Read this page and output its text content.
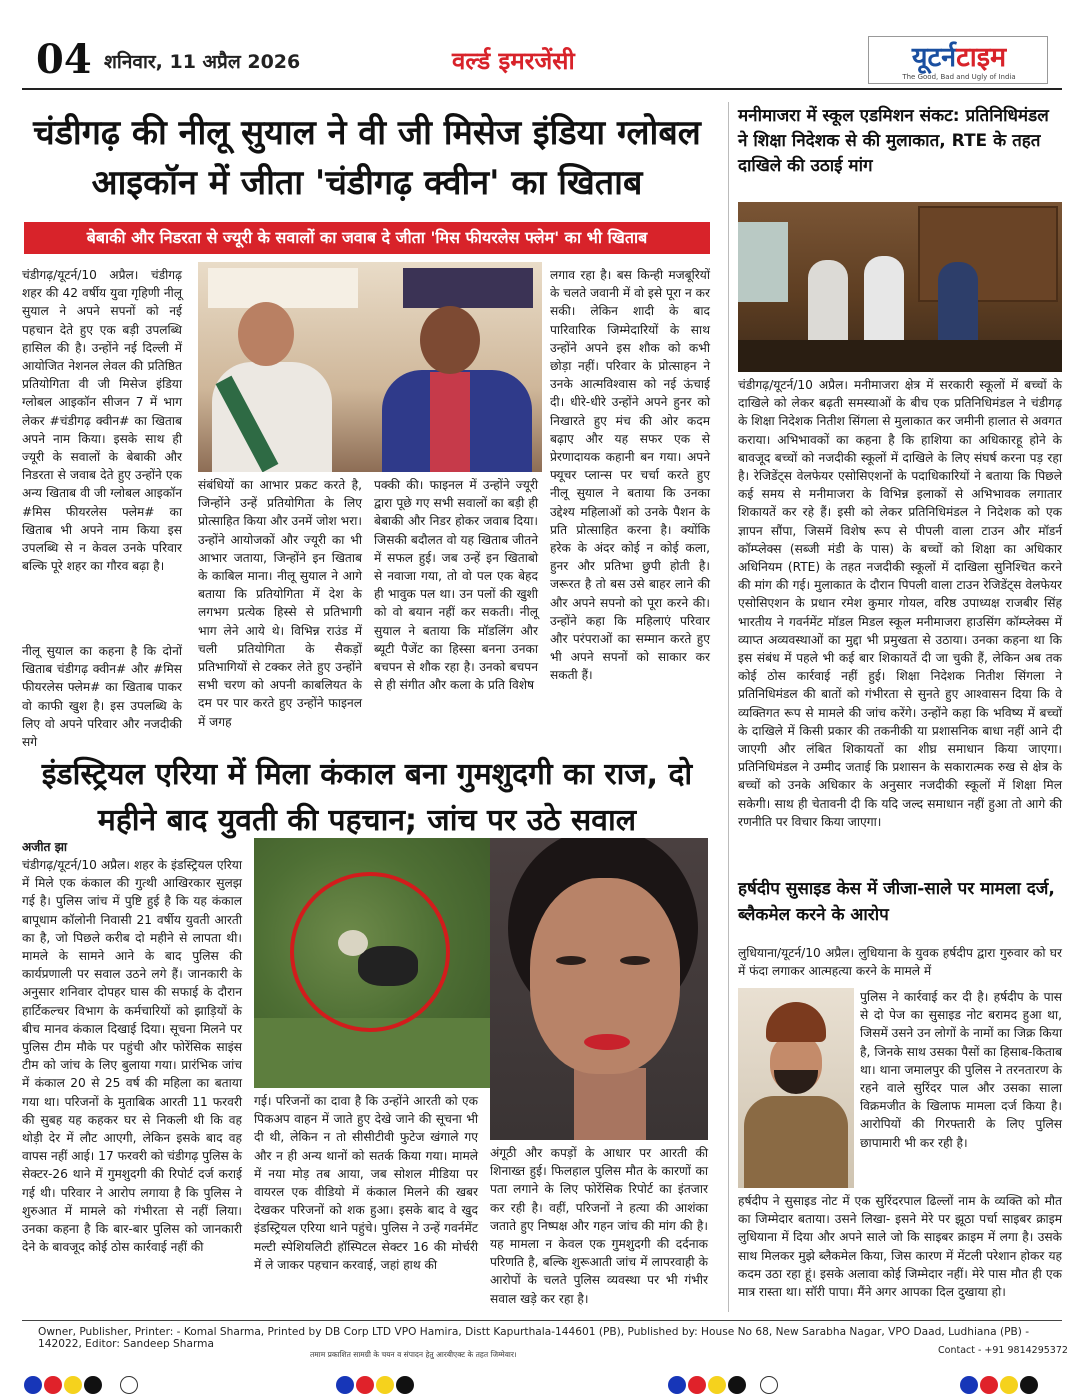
04 शनिवार, 11 अप्रैल 2026	वर्ल्ड इमरजेंसी	यूटर्नटाइम
The Good, Bad and Ugly of India
चंडीगढ़ की नीलू सुयाल ने वी जी मिसेज इंडिया ग्लोबल आइकॉन में जीता 'चंडीगढ़ क्वीन' का खिताब
बेबाकी और निडरता से ज्यूरी के सवालों का जवाब दे जीता 'मिस फीयरलेस फ्लेम' का भी खिताब
चंडीगढ़/यूटर्न/10 अप्रैल। चंडीगढ़ शहर की 42 वर्षीय युवा गृहिणी नीलू सुयाल ने अपने सपनों को नई पहचान देते हुए एक बड़ी उपलब्धि हासिल की है। उन्होंने नई दिल्ली में आयोजित नेशनल लेवल की प्रतिष्ठित प्रतियोगिता वी जी मिसेज इंडिया ग्लोबल आइकॉन सीजन 7 में भाग लेकर #चंडीगढ़ क्वीन# का खिताब अपने नाम किया। इसके साथ ही ज्यूरी के सवालों के बेबाकी और निडरता से जवाब देते हुए उन्होंने एक अन्य खिताब वी जी ग्लोबल आइकॉन #मिस फीयरलेस फ्लेम# का खिताब भी अपने नाम किया इस उपलब्धि से न केवल उनके परिवार बल्कि पूरे शहर का गौरव बढ़ा है।
नीलू सुयाल का कहना है कि दोनों खिताब चंडीगढ़ क्वीन# और #मिस फीयरलेस फ्लेम# का खिताब पाकर वो काफी खुश है। इस उपलब्धि के लिए वो अपने परिवार और नजदीकी सगे
संबंधियों का आभार प्रकट करते है, जिन्होंने उन्हें प्रतियोगिता के लिए प्रोत्साहित किया और उनमें जोश भरा। उन्होंने आयोजकों और ज्यूरी का भी आभार जताया, जिन्होंने इन खिताब के काबिल माना। नीलू सुयाल ने आगे बताया कि प्रतियोगिता में देश के लगभग प्रत्येक हिस्से से प्रतिभागी भाग लेने आये थे। विभिन्न राउंड में चली प्रतियोगिता के सैकड़ों प्रतिभागियों से टक्कर लेते हुए उन्होंने सभी चरण को अपनी काबलियत के दम पर पार करते हुए उन्होंने फाइनल में जगह
पक्की की। फाइनल में उन्होंने ज्यूरी द्वारा पूछे गए सभी सवालों का बड़ी ही बेबाकी और निडर होकर जवाब दिया। जिसकी बदौलत वो यह खिताब जीतने में सफल हुई। जब उन्हें इन खिताबो से नवाजा गया, तो वो पल एक बेहद ही भावुक पल था। उन पलों की खुशी को वो बयान नहीं कर सकती। नीलू सुयाल ने बताया कि मॉडलिंग और ब्यूटी पैजेंट का हिस्सा बनना उनका बचपन से शौक रहा है। उनको बचपन से ही संगीत और कला के प्रति विशेष
लगाव रहा है। बस किन्ही मजबूरियों के चलते जवानी में वो इसे पूरा न कर सकी। लेकिन शादी के बाद पारिवारिक जिम्मेदारियों के साथ उन्होंने अपने इस शौक को कभी छोड़ा नहीं। परिवार के प्रोत्साहन ने उनके आत्मविश्वास को नई ऊंचाई दी। धीरे-धीरे उन्होंने अपने हुनर को निखारते हुए मंच की ओर कदम बढ़ाए और यह सफर एक से प्रेरणादायक कहानी बन गया। अपने फ्यूचर प्लान्स पर चर्चा करते हुए नीलू सुयाल ने बताया कि उनका उद्देश्य महिलाओं को उनके पैशन के प्रति प्रोत्साहित करना है। क्योंकि हरेक के अंदर कोई न कोई कला, हुनर और प्रतिभा छुपी होती है। जरूरत है तो बस उसे बाहर लाने की और अपने सपनो को पूरा करने की। उन्होंने कहा कि महिलाएं परिवार और परंपराओं का सम्मान करते हुए भी अपने सपनों को साकार कर सकती हैं।
इंडस्ट्रियल एरिया में मिला कंकाल बना गुमशुदगी का राज, दो महीने बाद युवती की पहचान; जांच पर उठे सवाल
अजीत झा
चंडीगढ़/यूटर्न/10 अप्रैल। शहर के इंडस्ट्रियल एरिया में मिले एक कंकाल की गुत्थी आखिरकार सुलझ गई है। पुलिस जांच में पुष्टि हुई है कि यह कंकाल बापूधाम कॉलोनी निवासी 21 वर्षीय युवती आरती का है, जो पिछले करीब दो महीने से लापता थी। मामले के सामने आने के बाद पुलिस की कार्यप्रणाली पर सवाल उठने लगे हैं। जानकारी के अनुसार शनिवार दोपहर घास की सफाई के दौरान हार्टिकल्चर विभाग के कर्मचारियों को झाड़ियों के बीच मानव कंकाल दिखाई दिया। सूचना मिलने पर पुलिस टीम मौके पर पहुंची और फोरेंसिक साइंस टीम को जांच के लिए बुलाया गया। प्रारंभिक जांच में कंकाल 20 से 25 वर्ष की महिला का बताया गया था। परिजनों के मुताबिक आरती 11 फरवरी की सुबह यह कहकर घर से निकली थी कि वह थोड़ी देर में लौट आएगी, लेकिन इसके बाद वह वापस नहीं आई। 17 फरवरी को चंडीगढ़ पुलिस के सेक्टर-26 थाने में गुमशुदगी की रिपोर्ट दर्ज कराई गई थी। परिवार ने आरोप लगाया है कि पुलिस ने शुरुआत में मामले को गंभीरता से नहीं लिया। उनका कहना है कि बार-बार पुलिस को जानकारी देने के बावजूद कोई ठोस कार्रवाई नहीं की
गई। परिजनों का दावा है कि उन्होंने आरती को एक पिकअप वाहन में जाते हुए देखे जाने की सूचना भी दी थी, लेकिन न तो सीसीटीवी फुटेज खंगाले गए और न ही अन्य थानों को सतर्क किया गया। मामले में नया मोड़ तब आया, जब सोशल मीडिया पर वायरल एक वीडियो में कंकाल मिलने की खबर देखकर परिजनों को शक हुआ। इसके बाद वे खुद इंडस्ट्रियल एरिया थाने पहुंचे। पुलिस ने उन्हें गवर्नमेंट मल्टी स्पेशियलिटी हॉस्पिटल सेक्टर 16 की मोर्चरी में ले जाकर पहचान करवाई, जहां हाथ की
अंगूठी और कपड़ों के आधार पर आरती की शिनाख्त हुई। फिलहाल पुलिस मौत के कारणों का पता लगाने के लिए फोरेंसिक रिपोर्ट का इंतजार कर रही है। वहीं, परिजनों ने हत्या की आशंका जताते हुए निष्पक्ष और गहन जांच की मांग की है। यह मामला न केवल एक गुमशुदगी की दर्दनाक परिणति है, बल्कि शुरूआती जांच में लापरवाही के आरोपों के चलते पुलिस व्यवस्था पर भी गंभीर सवाल खड़े कर रहा है।
मनीमाजरा में स्कूल एडमिशन संकट: प्रतिनिधिमंडल ने शिक्षा निदेशक से की मुलाकात, RTE के तहत दाखिले की उठाई मांग
चंडीगढ़/यूटर्न/10 अप्रैल। मनीमाजरा क्षेत्र में सरकारी स्कूलों में बच्चों के दाखिले को लेकर बढ़ती समस्याओं के बीच एक प्रतिनिधिमंडल ने चंडीगढ़ के शिक्षा निदेशक नितीश सिंगला से मुलाकात कर जमीनी हालात से अवगत कराया। अभिभावकों का कहना है कि हाशिया का अधिकारहू होने के बावजूद बच्चों को नजदीकी स्कूलों में दाखिले के लिए संघर्ष करना पड़ रहा है। रेजिडेंट्स वेलफेयर एसोसिएशनों के पदाधिकारियों ने बताया कि पिछले कई समय से मनीमाजरा के विभिन्न इलाकों से अभिभावक लगातार शिकायतें कर रहे हैं। इसी को लेकर प्रतिनिधिमंडल ने निदेशक को एक ज्ञापन सौंपा, जिसमें विशेष रूप से पीपली वाला टाउन और मॉडर्न कॉम्प्लेक्स (सब्जी मंडी के पास) के बच्चों को शिक्षा का अधिकार अधिनियम (RTE) के तहत नजदीकी स्कूलों में दाखिला सुनिश्चित करने की मांग की गई। मुलाकात के दौरान पिपली वाला टाउन रेजिडेंट्स वेलफेयर एसोसिएशन के प्रधान रमेश कुमार गोयल, वरिष्ठ उपाध्यक्ष राजबीर सिंह भारतीय ने गवर्नमेंट मॉडल मिडल स्कूल मनीमाजरा हाउसिंग कॉम्प्लेक्स में व्याप्त अव्यवस्थाओं का मुद्दा भी प्रमुखता से उठाया। उनका कहना था कि इस संबंध में पहले भी कई बार शिकायतें दी जा चुकी हैं, लेकिन अब तक कोई ठोस कार्रवाई नहीं हुई। शिक्षा निदेशक नितीश सिंगला ने प्रतिनिधिमंडल की बातों को गंभीरता से सुनते हुए आश्वासन दिया कि वे व्यक्तिगत रूप से मामले की जांच करेंगे। उन्होंने कहा कि भविष्य में बच्चों के दाखिले में किसी प्रकार की तकनीकी या प्रशासनिक बाधा नहीं आने दी जाएगी और लंबित शिकायतों का शीघ्र समाधान किया जाएगा। प्रतिनिधिमंडल ने उम्मीद जताई कि प्रशासन के सकारात्मक रुख से क्षेत्र के बच्चों को उनके अधिकार के अनुसार नजदीकी स्कूलों में शिक्षा मिल सकेगी। साथ ही चेतावनी दी कि यदि जल्द समाधान नहीं हुआ तो आगे की रणनीति पर विचार किया जाएगा।
हर्षदीप सुसाइड केस में जीजा-साले पर मामला दर्ज, ब्लैकमेल करने के आरोप
लुधियाना/यूटर्न/10 अप्रैल। लुधियाना के युवक हर्षदीप द्वारा गुरुवार को घर में फंदा लगाकर आत्महत्या करने के मामले में
पुलिस ने कार्रवाई कर दी है। हर्षदीप के पास से दो पेज का सुसाइड नोट बरामद हुआ था, जिसमें उसने उन लोगों के नामों का जिक्र किया है, जिनके साथ उसका पैसों का हिसाब-किताब था। थाना जमालपुर की पुलिस ने तरनतारण के रहने वाले सुरिंदर पाल और उसका साला विक्रमजीत के खिलाफ मामला दर्ज किया है। आरोपियों की गिरफ्तारी के लिए पुलिस छापामारी भी कर रही है।
हर्षदीप ने सुसाइड नोट में एक सुरिंदरपाल ढिल्लों नाम के व्यक्ति को मौत का जिम्मेदार बताया। उसने लिखा- इसने मेरे पर झूठा पर्चा साइबर क्राइम लुधियाना में दिया और अपने साले जो कि साइबर क्राइम में लगा है। उसके साथ मिलकर मुझे ब्लैकमेल किया, जिस कारण में मेंटली परेशान होकर यह कदम उठा रहा हूं। इसके अलावा कोई जिम्मेदार नहीं। मेरे पास मौत ही एक मात्र रास्ता था। सॉरी पापा। मैंने अगर आपका दिल दुखाया हो।
Owner, Publisher, Printer: - Komal Sharma, Printed by DB Corp LTD VPO Hamira, Distt Kapurthala-144601 (PB), Published by: House No 68, New Sarabha Nagar, VPO Daad, Ludhiana (PB) - 142022, Editor: Sandeep Sharma
तमाम प्रकाशित सामग्री के चयन व संपादन हेतु आरबीएक्ट के तहत जिम्मेवार।	Contact - +91 9814295372
